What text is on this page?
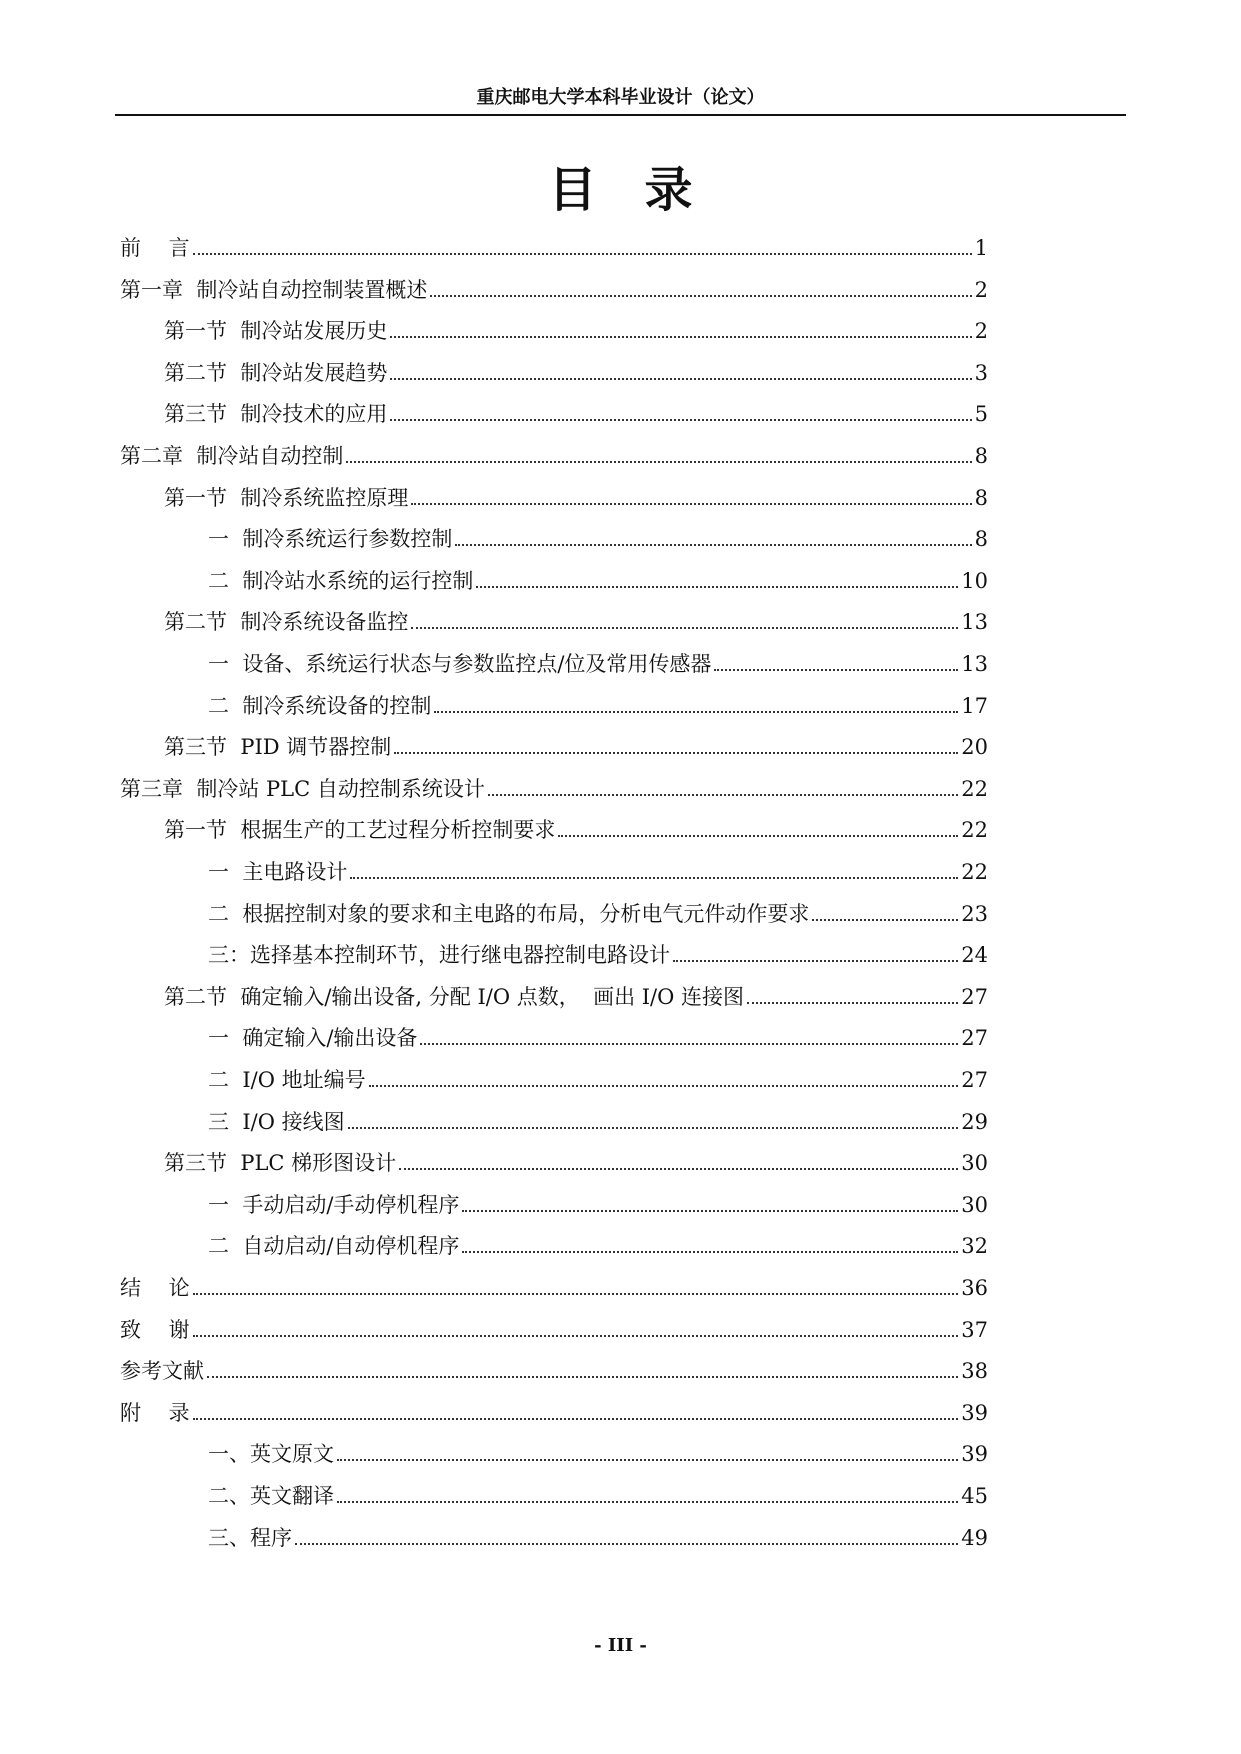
重庆邮电大学本科毕业设计（论文）
目　录
前　 言	1
第一章  制冷站自动控制装置概述	2
第一节  制冷站发展历史	2
第二节  制冷站发展趋势	3
第三节  制冷技术的应用	5
第二章  制冷站自动控制	8
第一节  制冷系统监控原理	8
一  制冷系统运行参数控制	8
二  制冷站水系统的运行控制	10
第二节  制冷系统设备监控	13
一  设备、系统运行状态与参数监控点/位及常用传感器	13
二  制冷系统设备的控制	17
第三节  PID 调节器控制	20
第三章  制冷站 PLC 自动控制系统设计	22
第一节  根据生产的工艺过程分析控制要求	22
一  主电路设计	22
二  根据控制对象的要求和主电路的布局，分析电气元件动作要求	23
三：选择基本控制环节，进行继电器控制电路设计	24
第二节  确定输入/输出设备, 分配 I/O 点数，  画出 I/O 连接图	27
一  确定输入/输出设备	27
二  I/O 地址编号	27
三  I/O 接线图	29
第三节  PLC 梯形图设计	30
一  手动启动/手动停机程序	30
二  自动启动/自动停机程序	32
结　 论	36
致　 谢	37
参考文献	38
附　 录	39
一、英文原文	39
二、英文翻译	45
三、程序	49
- III -
